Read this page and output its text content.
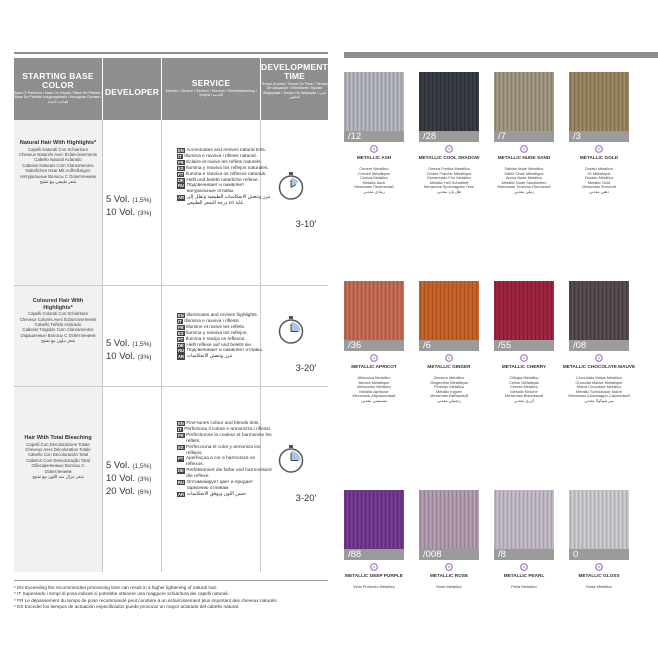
STARTING BASE COLOR
Base Di Partenza / Base De Départ / Base De Partida / Base De Partida/ Ausgangsbasis / Исходная Основа / القاعدة البادئة
DEVELOPER
SERVICE
Servizio / Service / Servicio / Servicio / Servicetsleistung / Услуга / الخدمة
DEVELOPMENT TIME
Tempo di posa / Temps De Pose / Tiempo De Actuación / Einwirkzeit / Время Выдержки / Tempo De Aplicação / فترة التطوير
Natural Hair With Highlights*
Capelli Naturali Con Schiariture
Cheveux Naturels Avec Éclaircissements
Cabello Natural Aclarado
Cabelos Naturais Com Clareamentos
Natürliches Haar Mit Aufhellungen
Натуральные Волосы С Осветлением
شعر طبيعي مع تفتيح
5 Vol. (1,5%)
10 Vol. (3%)
EN Accentuates and revives natural tints.
IT Illumina e ravviva i riflessi naturali.
FR Eclaire et ravive les reflets naturels.
ES Ilumina y reaviva los reflejos naturales.
PT Ilumina e reaviva os reflexos naturais.
DE Hellt und belebt natürliche reflexe.
RU Подсвечивает и оживляет натуральные отливы.
AR تبرز وتنعش الانعكاسات الطبيعية وتقلل إلى غاية 10 درجة الشعر الطبيعي
3-10'
Coloured Hair With Highlights*
Capelli Colorati Con Schiariture
Cheveux Colorés Avec Éclaircissements
Cabello Teñido Aclarado
Cabelos Tingidos Com Clareamentos
Окрашенные Волосы С Осветлением
شعر ملون مع تفتيح	5 Vol. (1,5%)
10 Vol. (3%)
EN Illuminates and revives highlights.
IT Illumina e ravviva i riflessi.
FR Illumine et ravive les reflets.
ES Ilumina y reaviva los reflejos.
PT Ilumina e realça os reflexos.
DE Hellt reflexe auf und belebt sie.
RU Подсвечивает и оживляет отливы.
AR تبرز وتنعش الانعكاسات
3-20'
Hair With Total Bleaching
Capelli Con Decolorazione Totale
Cheveux Avec Décoloration Totale
Cabello Con Decoloración Total
Cabelos Com Descoloração Total
Обесцвеченные Волосы С Осветлением
شعر مزال منه اللون مع تفتيح
5 Vol. (1,5%)
10 Vol. (3%)
20 Vol. (6%)
EN Fine-tunes colour and blends tints.
IT Perfeziona il colore e armonizza i riflessi.
FR Perfectionne la couleur et harmonise les reflets.
ES Perfecciona el color y armoniza los reflejos.
PT Aperfeiçoa a cor e harmoniza os reflexos.
DE Perfektioniert die farbe und harmonisiert die reflexe.
RU Оптимизирует цвет и придает гармонию отливам.
AR حسن اللون ويوفق الانعكاسات	3-20'
* EN Exceeding the recommended processing time can result in a higher lightening of natural hair.
* IT Superando i tempi di posa indicati si potrebbe ottenere una maggiore schiaritura dei capelli naturali.
* FR Le dépassement du temps de pose recommandé peut conduire à un éclaircissement plus important des cheveux naturels
* ES Exceder los tiempos de actuación especificados puede provocar un mayor aclarado del cabello natural.
/12
METALLIC ASH
Cenere Metallico
Cendré Métallique
Ceniza Metálico
Metallic Asch
Металлик Пепельный
رمادي معدني
/28
METALLIC COOL SHADOW
Ombra Fredda Metallico
Ombre Fraîche Métallique
Sombreado Frío Metálico
Metallic Hell Schattiert
Металлик Прохладная Тень
ظل بارد معدني
/7
METALLIC NUDE SAND
Sabbia Nude Metallico
Sable Chair Métallique
Arena Nude Metálico
Metallic Nude Sandfarben
Металлик Телесно-Песочный
رملي معدني
/3
METALLIC GOLD
Dorato Metallico
Or Métallique
Dorado Metálico
Metallic Gold
Металлик Золотой
ذهبي معدني
/36
METALLIC APRICOT
Albicocca Metallico
Abricot Métallique
Melocotón Metálico
Metallic Aprikose
Металлик Абрикосовый
مشمشي معدني
/6
METALLIC GINGER
Zenzero Metallico
Gingembre Métallique
Pelirrojo Metálico
Metallic Ingwer
Металлик Имбирный
زنجبيلي معدني
/55
METALLIC CHERRY
Ciliegia Metallico
Cerise Métallique
Cereza Metálico
Metallic Kirsche
Металлик Вишневый
كرزي معدني
/08
METALLIC CHOCOLATE MAUVE
Cioccolato Malva Metallico
Chocolat Mauve Métallique
Malva Chocolate Metálico
Metallic Schokolade Malve
Металлик Шоколадно-Сиреневый
بني شوكولا معدني
/88
METALLIC DEEP PURPLE
Viola Profondo Metallico
/008
METALLIC ROSE
Rose Metallico
/8
METALLIC PEARL
Perla Metallico
0
METALLIC GLOSS
Gloss Metallico
